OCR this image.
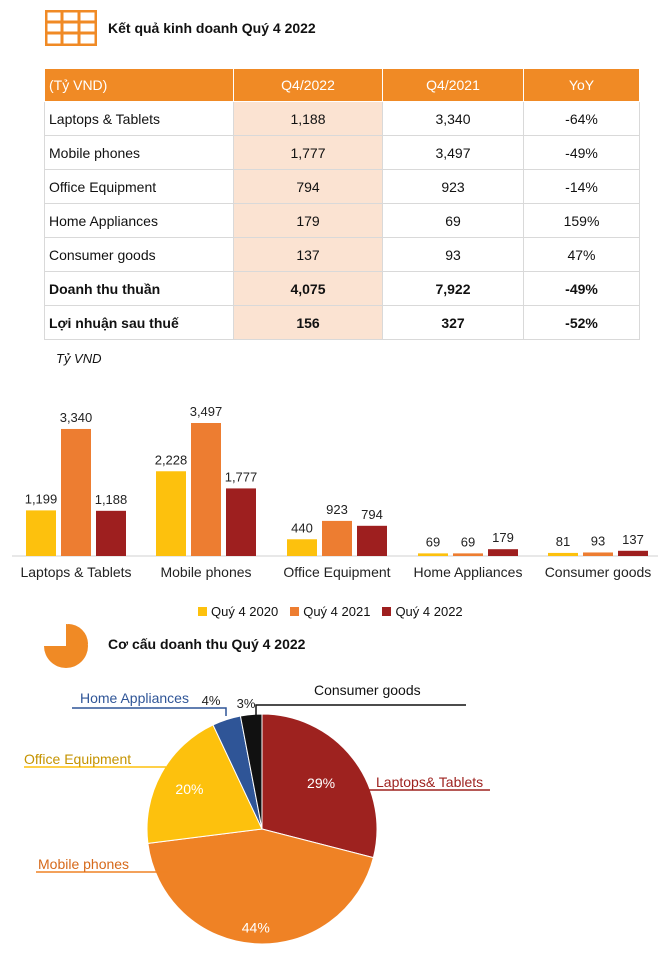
Kết quả kinh doanh Quý 4 2022
(Tỷ VND)	Q4/2022	Q4/2021	YoY
Laptops & Tablets	1,188	3,340	-64%
Mobile phones	1,777	3,497	-49%
Office Equipment	794	923	-14%
Home Appliances	179	69	159%
Consumer goods	137	93	47%
Doanh thu thuần	4,075	7,922	-49%
Lợi nhuận sau thuế	156	327	-52%
Tỷ VND
1,199
2,228
440
69	81
3,340	3,497
923
69	93
1,188
1,777
794
179	137
Laptops & Tablets Mobile phones Office Equipment Home Appliances Consumer goods
29%
44%
20%
4% 3%
Home Appliances	Consumer goods
Office Equipment
Mobile phones
Laptops& Tablets
Quý 4 2020 Quý 4 2021 Quý 4 2022
Cơ cấu doanh thu Quý 4 2022
